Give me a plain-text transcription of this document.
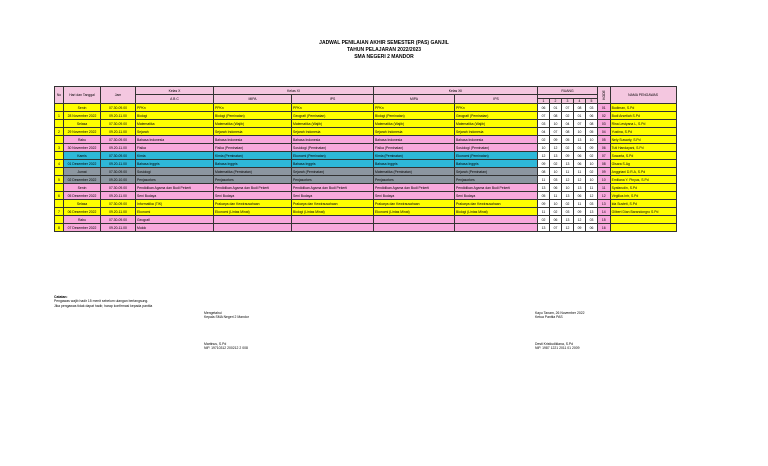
JADWAL PENILAIAN AKHIR SEMESTER (PAS) GANJIL
TAHUN PELAJARAN 2022/2023
SMA NEGERI 2 MANDOR
No	Hari dan Tanggal	Jam	Kelas X	Kelas XI		Kelas XII		RUANG					KODE	NAMA PENGAWAS
			A B C	MIPA	IPS	MIPA	IPS							
								1	2	3	4	5		
	Senin	07.30-09.00	PPKn	PPKn	PPKn	PPKn	PPKn	06	01	07	08	03	01	Budiman, S.Pd
1	28 November 2022	09.20-11.00	Biologi	Biologi (Peminatan)	Geografi (Peminatan)	Biologi (Peminatan)	Geografi (Peminatan)	07	08	02	01	06	02	Budi Arsetiah S.Pd
	Selasa	07.30-09.00	Matematika	Matematika (Wajib)	Matematika (Wajib)	Matematika (Wajib)	Matematika (Wajib)	03	10	04	07	08	03	Rina Lestyana L, S.Pd
2	29 November 2022	09.20-11.00	Sejarah	Sejarah Indonesia	Sejarah Indonesia	Sejarah Indonesia	Sejarah Indonesia	04	07	08	10	05	04	Yustina, S.Pd
	Rabu	07.30-09.00	Bahasa Indonesia	Bahasa Indonesia	Bahasa Indonesia	Bahasa Indonesia	Bahasa Indonesia	02	09	05	13	10	05	Nely Suwarty, S.Pd
3	30 November 2022	09.20-11.00	Fisika	Fisika (Peminatan)	Sosiologi (Peminatan)	Fisika (Peminatan)	Sosiologi (Peminatan)	10	12	02	01	09	06	Tuti Handayani, S.Pd
	Kamis	07.30-09.00	Kimia	Kimia (Peminatan)	Ekonomi (Peminatan)	Kimia (Peminatan)	Ekonomi (Peminatan)	12	13	09	06	02	07	Suwarta, S.Pd
4	01 Desember 2022	09.20-11.00	Bahasa Inggris	Bahasa Inggris	Bahasa Inggris	Bahasa Inggris	Bahasa Inggris	09	02	13	06	10	08	Gisara S.Ag
	Jumat	07.30-09.00	Sosiologi	Matematika (Peminatan)	Sejarah (Peminatan)	Matematika (Peminatan)	Sejarah (Peminatan)	08	10	11	11	02	09	Anggriani D.R.A, S.Pd
5	02 Desember 2022	09.20-10.00	Penjasorkes	Penjasorkes	Penjasorkes	Penjasorkes	Penjasorkes	11	03	12	12	10	10	Emiliana Y. Pinyus, S.Pd
	Senin	07.30-09.00	Pendidikan Agama dan Budi Pekerti	Pendidikan Agama dan Budi Pekerti	Pendidikan Agama dan Budi Pekerti	Pendidikan Agama dan Budi Pekerti	Pendidikan Agama dan Budi Pekerti	13	06	10	13	11	11	Syafarudin, S.Pd
6	05 Desember 2022	09.20-11.00	Seni Budaya	Seni Budaya	Seni Budaya	Seni Budaya	Seni Budaya	05	11	13	06	12	12	Virgilius Intr, S.Pd
	Selasa	07.30-09.00	Informatika (TIK)	Prakarya dan Kewirausahaan	Prakarya dan Kewirausahaan	Prakarya dan Kewirausahaan	Prakarya dan Kewirausahaan	09	10	02	11	03	13	Ida Susteti, S.Pd
7	06 Desember 2022	09.20-11.00	Ekonomi	Ekonomi (Lintas Minat)	Biologi (Lintas Minat)	Ekonomi (Lintas Minat)	Biologi (Lintas Minat)	11	02	03	09	13	14	Gilbert Dian Barandongro S.Pd
	Rabu	07.30-09.00	Geografi					02	06	13	12	03	15	
8	07 Desember 2022	09.20-11.00	Mulok					13	07	12	09	06	16	
Catatan:
Pengawas wajib hadir 15 menit sebelum ulangan berlangsung.
Jika pengawas tidak dapat hadir, harap konfirmasi kepada panitia
Mengetahui
Kepala SMA Negeri 2 Mandor
Martinus, S.Pd
NIP. 19710312 200212 2 008
Kayu Tanam, 26 November 2022
Ketua Panitia PAS
Desti Kristiudiklana, S.Pd
NIP. 1987 1221 2011 01 2009
